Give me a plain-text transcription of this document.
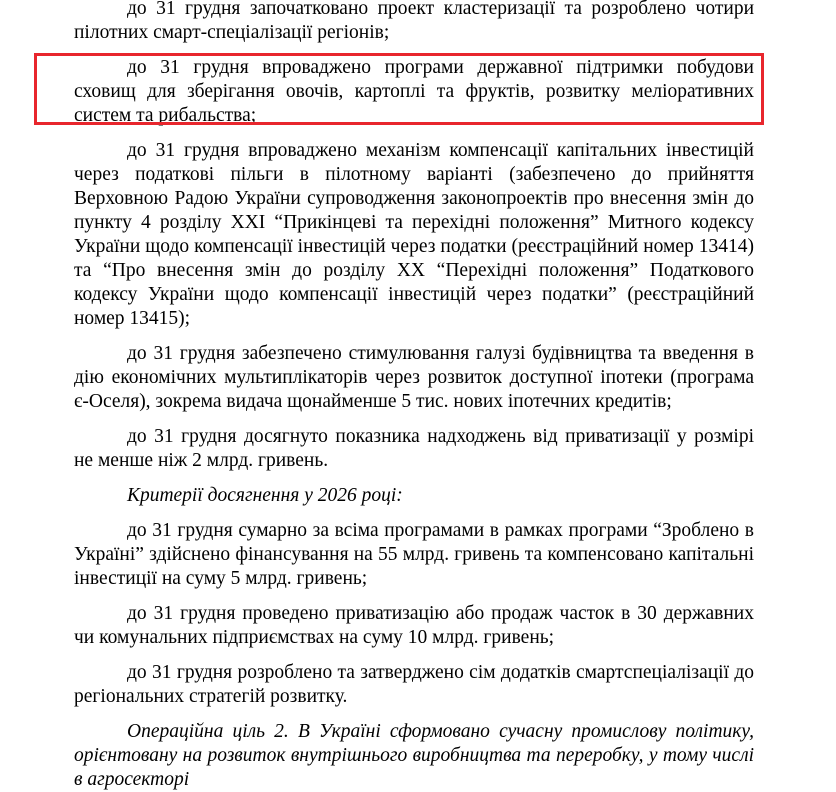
до 31 грудня започатковано проект кластеризації та розроблено чотири пілотних смарт-спеціалізації регіонів;

до 31 грудня впроваджено програми державної підтримки побудови сховищ для зберігання овочів, картоплі та фруктів, розвитку меліоративних систем та рибальства;

до 31 грудня впроваджено механізм компенсації капітальних інвестицій через податкові пільги в пілотному варіанті (забезпечено до прийняття Верховною Радою України супроводження законопроектів про внесення змін до пункту 4 розділу XXI “Прикінцеві та перехідні положення” Митного кодексу України щодо компенсації інвестицій через податки (реєстраційний номер 13414) та “Про внесення змін до розділу XX “Перехідні положення” Податкового кодексу України щодо компенсації інвестицій через податки” (реєстраційний номер 13415);

до 31 грудня забезпечено стимулювання галузі будівництва та введення в дію економічних мультиплікаторів через розвиток доступної іпотеки (програма є-Оселя), зокрема видача щонайменше 5 тис. нових іпотечних кредитів;

до 31 грудня досягнуто показника надходжень від приватизації у розмірі не менше ніж 2 млрд. гривень.

Критерії досягнення у 2026 році:

до 31 грудня сумарно за всіма програмами в рамках програми “Зроблено в Україні” здійснено фінансування на 55 млрд. гривень та компенсовано капітальні інвестиції на суму 5 млрд. гривень;

до 31 грудня проведено приватизацію або продаж часток в 30 державних чи комунальних підприємствах на суму 10 млрд. гривень;

до 31 грудня розроблено та затверджено сім додатків смартспеціалізації до регіональних стратегій розвитку.

Операційна ціль 2. В Україні сформовано сучасну промислову політику, орієнтовану на розвиток внутрішнього виробництва та переробку, у тому числі в агросекторі
